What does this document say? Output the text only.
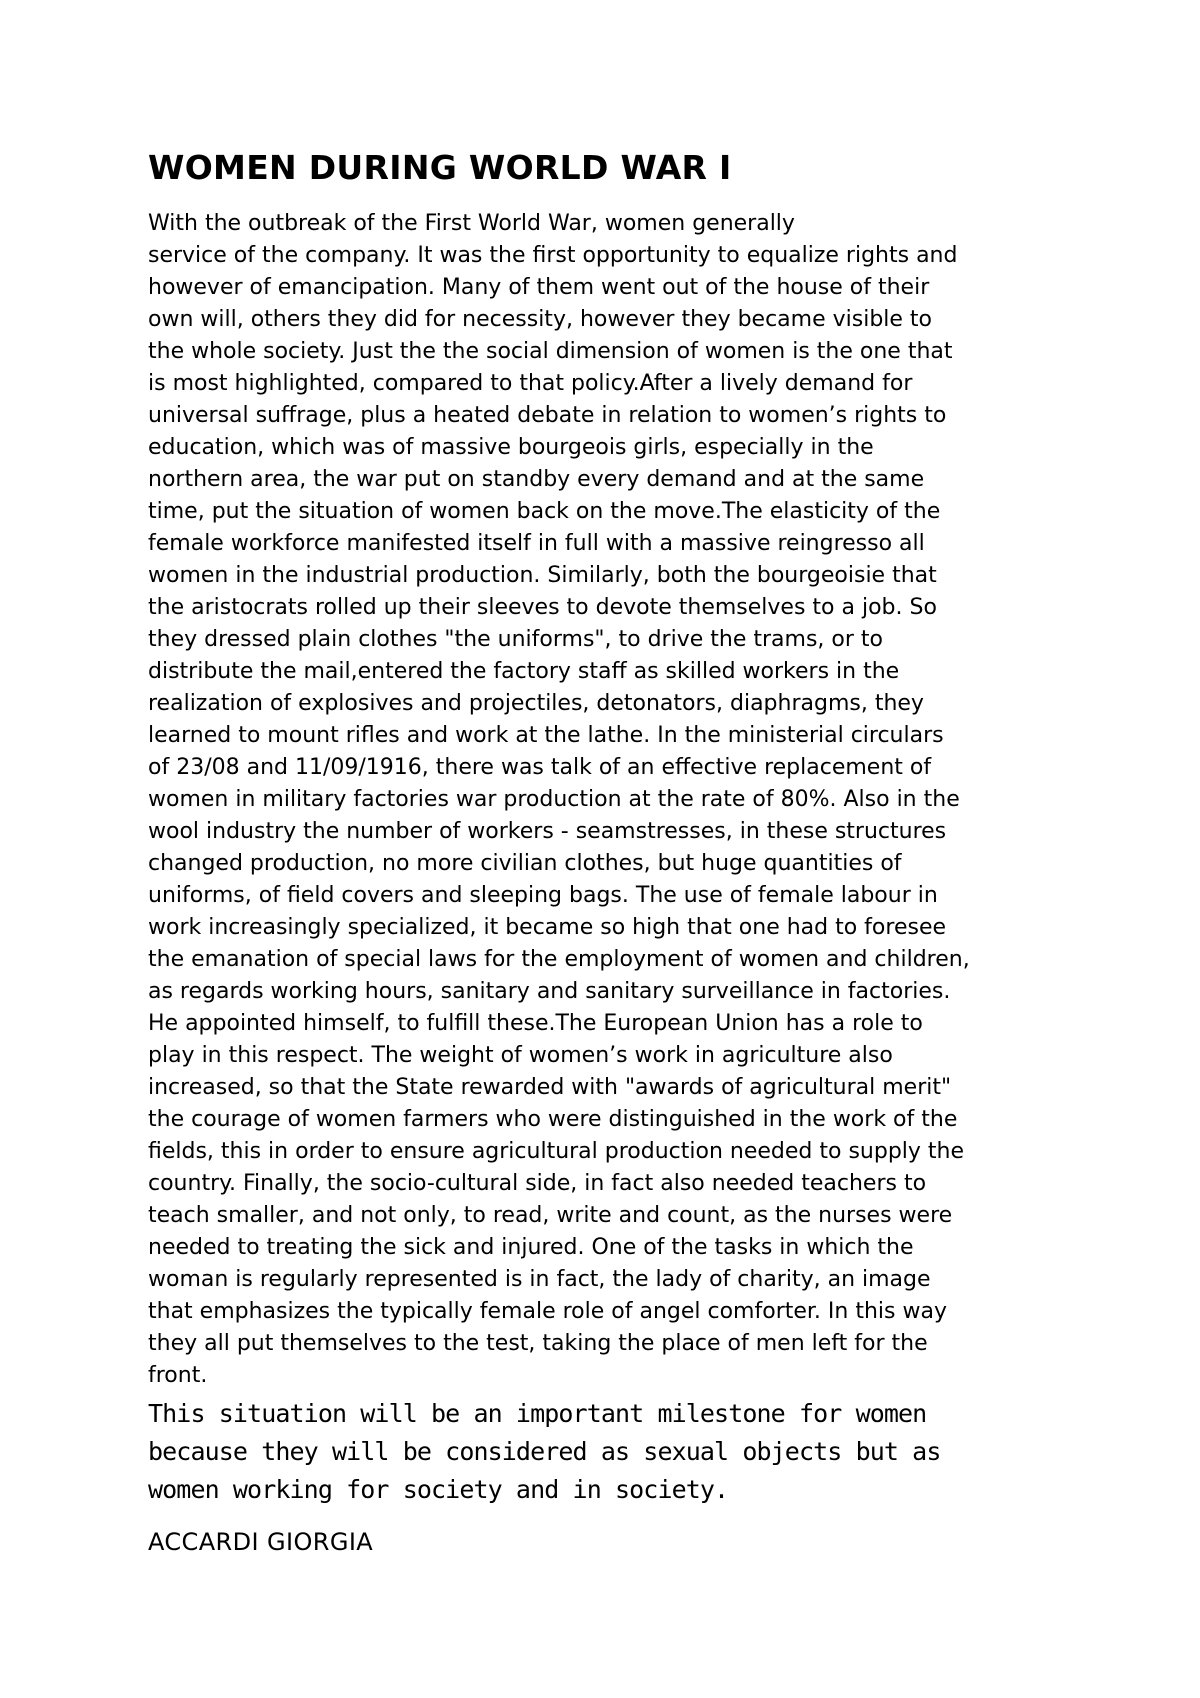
WOMEN DURING WORLD WAR I
With the outbreak of the First World War, women generally
service of the company. It was the first opportunity to equalize rights and
however of emancipation. Many of them went out of the house of their
own will, others they did for necessity, however they became visible to
the whole society. Just the the social dimension of women is the one that
is most highlighted, compared to that policy.After a lively demand for
universal suffrage, plus a heated debate in relation to women’s rights to
education, which was of massive bourgeois girls, especially in the
northern area, the war put on standby every demand and at the same
time, put the situation of women back on the move.The elasticity of the
female workforce manifested itself in full with a massive reingresso all
women in the industrial production. Similarly, both the bourgeoisie that
the aristocrats rolled up their sleeves to devote themselves to a job. So
they dressed plain clothes "the uniforms", to drive the trams, or to
distribute the mail,entered the factory staff as skilled workers in the
realization of explosives and projectiles, detonators, diaphragms, they
learned to mount rifles and work at the lathe. In the ministerial circulars
of 23/08 and 11/09/1916, there was talk of an effective replacement of
women in military factories war production at the rate of 80%. Also in the
wool industry the number of workers - seamstresses, in these structures
changed production, no more civilian clothes, but huge quantities of
uniforms, of field covers and sleeping bags. The use of female labour in
work increasingly specialized, it became so high that one had to foresee
the emanation of special laws for the employment of women and children,
as regards working hours, sanitary and sanitary surveillance in factories.
He appointed himself, to fulfill these.The European Union has a role to
play in this respect. The weight of women’s work in agriculture also
increased, so that the State rewarded with "awards of agricultural merit"
the courage of women farmers who were distinguished in the work of the
fields, this in order to ensure agricultural production needed to supply the
country. Finally, the socio-cultural side, in fact also needed teachers to
teach smaller, and not only, to read, write and count, as the nurses were
needed to treating the sick and injured. One of the tasks in which the
woman is regularly represented is in fact, the lady of charity, an image
that emphasizes the typically female role of angel comforter. In this way
they all put themselves to the test, taking the place of men left for the
front.
This situation will be an important milestone for women
because they will be considered as sexual objects but as
women working for society and in society.

ACCARDI GIORGIA
